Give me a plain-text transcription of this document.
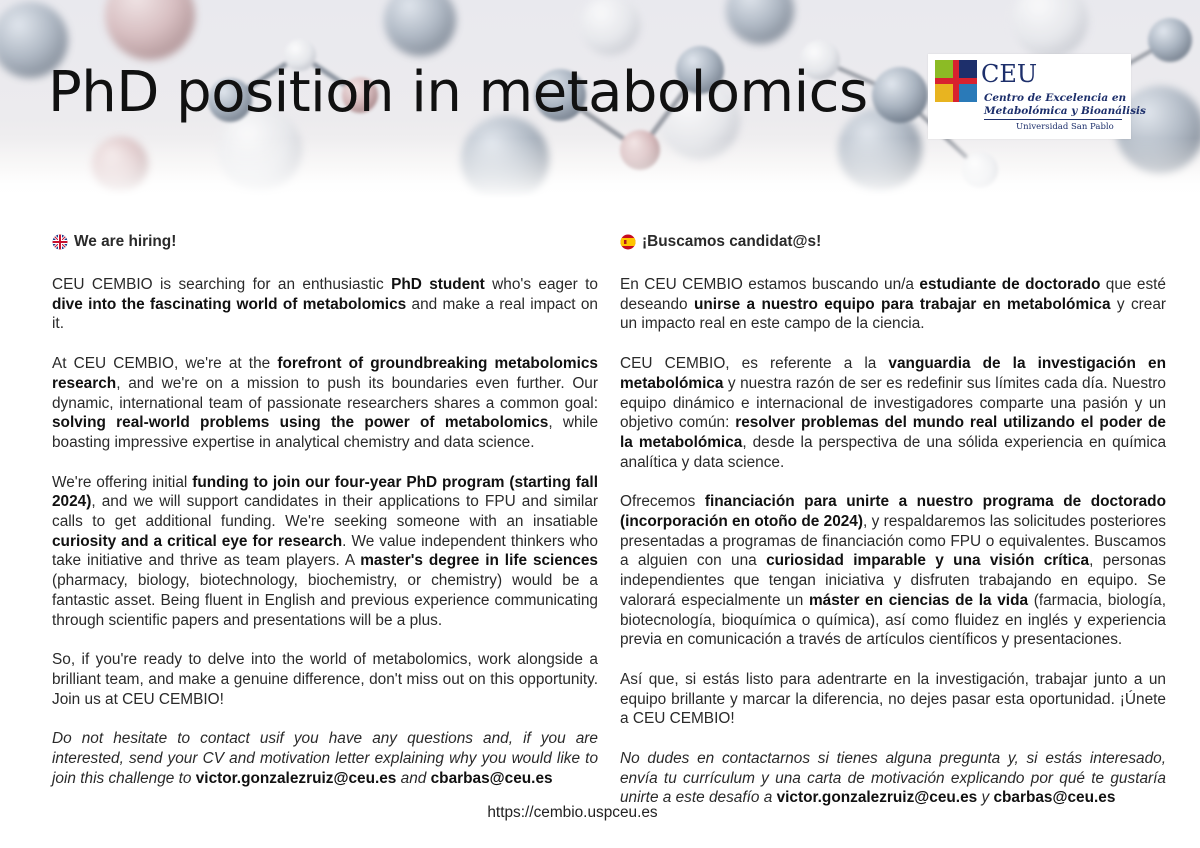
PhD position in metabolomics	CEU
Centro de Excelencia en
Metabolómica y Bioanálisis
Universidad San Pablo
We are hiring!

CEU CEMBIO is searching for an enthusiastic PhD student who's eager to dive into the fascinating world of metabolomics and make a real impact on it.

At CEU CEMBIO, we're at the forefront of groundbreaking metabolomics research, and we're on a mission to push its boundaries even further. Our dynamic, international team of passionate researchers shares a common goal: solving real-world problems using the power of metabolomics, while boasting impressive expertise in analytical chemistry and data science.

We're offering initial funding to join our four-year PhD program (starting fall 2024), and we will support candidates in their applications to FPU and similar calls to get additional funding. We're seeking someone with an insatiable curiosity and a critical eye for research. We value independent thinkers who take initiative and thrive as team players. A master's degree in life sciences (pharmacy, biology, biotechnology, biochemistry, or chemistry) would be a fantastic asset. Being fluent in English and previous experience communicating through scientific papers and presentations will be a plus.

So, if you're ready to delve into the world of metabolomics, work alongside a brilliant team, and make a genuine difference, don't miss out on this opportunity. Join us at CEU CEMBIO!

Do not hesitate to contact usif you have any questions and, if you are interested, send your CV and motivation letter explaining why you would like to join this challenge to victor.gonzalezruiz@ceu.es and cbarbas@ceu.es

¡Buscamos candidat@s!

En CEU CEMBIO estamos buscando un/a estudiante de doctorado que esté deseando unirse a nuestro equipo para trabajar en metabolómica y crear un impacto real en este campo de la ciencia.

CEU CEMBIO, es referente a la vanguardia de la investigación en metabolómica y nuestra razón de ser es redefinir sus límites cada día. Nuestro equipo dinámico e internacional de investigadores comparte una pasión y un objetivo común: resolver problemas del mundo real utilizando el poder de la metabolómica, desde la perspectiva de una sólida experiencia en química analítica y data science.

Ofrecemos financiación para unirte a nuestro programa de doctorado (incorporación en otoño de 2024), y respaldaremos las solicitudes posteriores presentadas a programas de financiación como FPU o equivalentes. Buscamos a alguien con una curiosidad imparable y una visión crítica, personas independientes que tengan iniciativa y disfruten trabajando en equipo. Se valorará especialmente un máster en ciencias de la vida (farmacia, biología, biotecnología, bioquímica o química), así como fluidez en inglés y experiencia previa en comunicación a través de artículos científicos y presentaciones.

Así que, si estás listo para adentrarte en la investigación, trabajar junto a un equipo brillante y marcar la diferencia, no dejes pasar esta oportunidad. ¡Únete a CEU CEMBIO!

No dudes en contactarnos si tienes alguna pregunta y, si estás interesado, envía tu currículum y una carta de motivación explicando por qué te gustaría unirte a este desafío a victor.gonzalezruiz@ceu.es y cbarbas@ceu.es

https://cembio.uspceu.es
